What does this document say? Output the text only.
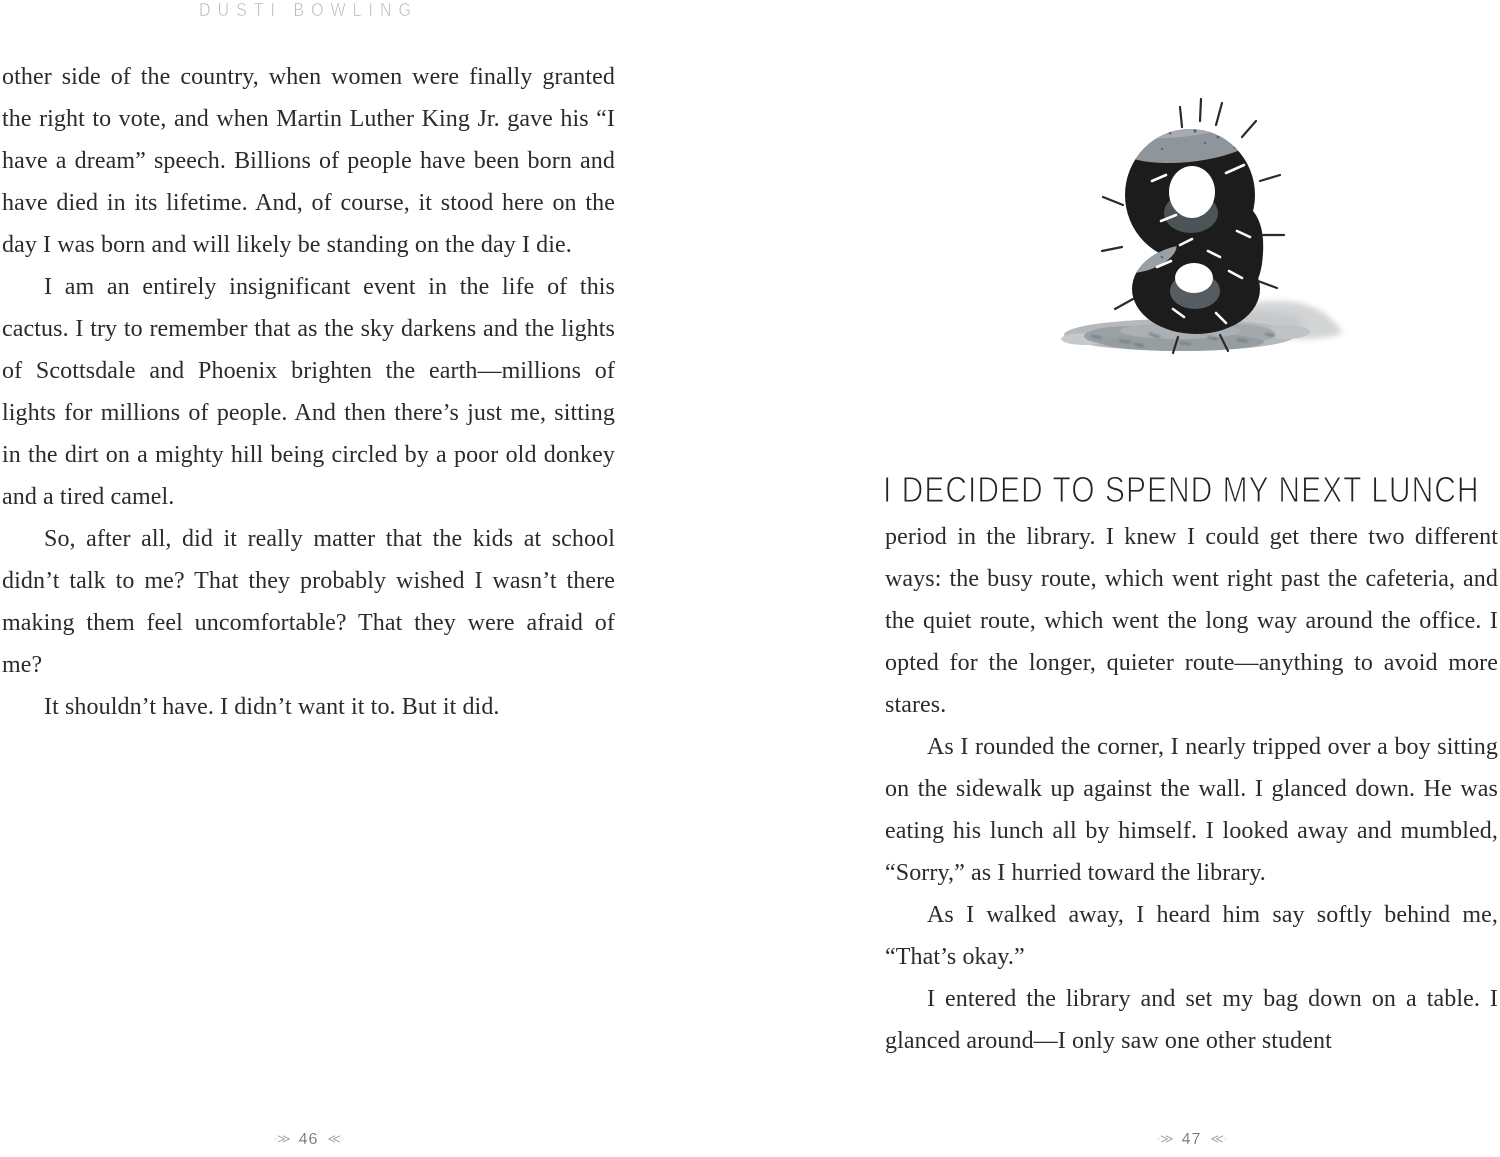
DUSTI BOWLING

other side of the country, when women were finally granted the right to vote, and when Martin Luther King Jr. gave his “I have a dream” speech. Billions of people have been born and have died in its lifetime. And, of course, it stood here on the day I was born and will likely be standing on the day I die.

I am an entirely insignificant event in the life of this cactus. I try to remember that as the sky darkens and the lights of Scottsdale and Phoenix brighten the earth—millions of lights for millions of people. And then there’s just me, sitting in the dirt on a mighty hill being circled by a poor old donkey and a tired camel.

So, after all, did it really matter that the kids at school didn’t talk to me? That they probably wished I wasn’t there making them feel uncomfortable? That they were afraid of me?

It shouldn’t have. I didn’t want it to. But it did.

◦≫ 46 ≪◦
I DECIDED TO SPEND MY NEXT LUNCH

period in the library. I knew I could get there two different ways: the busy route, which went right past the cafeteria, and the quiet route, which went the long way around the office. I opted for the longer, quieter route—anything to avoid more stares.

As I rounded the corner, I nearly tripped over a boy sitting on the sidewalk up against the wall. I glanced down. He was eating his lunch all by himself. I looked away and mumbled, “Sorry,” as I hurried toward the library.

As I walked away, I heard him say softly behind me, “That’s okay.”

I entered the library and set my bag down on a table. I glanced around—I only saw one other student

◦≫ 47 ≪◦
